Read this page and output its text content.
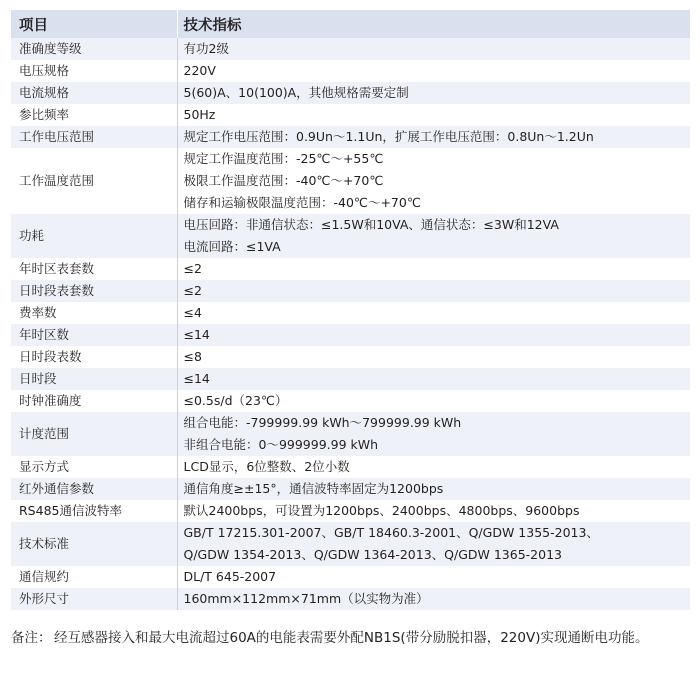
项目	技术指标
准确度等级	有功2级

电压规格	220V

电流规格	5(60)A、10(100)A，其他规格需要定制

参比频率	50Hz

工作电压范围	规定工作电压范围：0.9Un～1.1Un，扩展工作电压范围：0.8Un～1.2Un

工作温度范围	规定工作温度范围：-25℃～+55℃
极限工作温度范围：-40℃～+70℃
储存和运输极限温度范围：-40℃～+70℃

功耗	电压回路：非通信状态：≤1.5W和10VA、通信状态：≤3W和12VA
电流回路：≤1VA

年时区表套数	≤2

日时段表套数	≤2

费率数	≤4

年时区数	≤14

日时段表数	≤8

日时段	≤14

时钟准确度	≤0.5s/d（23℃）

计度范围	组合电能：-799999.99 kWh～799999.99 kWh
非组合电能：0～999999.99 kWh

显示方式	LCD显示，6位整数、2位小数

红外通信参数	通信角度≥±15°，通信波特率固定为1200bps

RS485通信波特率	默认2400bps，可设置为1200bps、2400bps、4800bps、9600bps

技术标准	GB/T 17215.301-2007、GB/T 18460.3-2001、Q/GDW 1355-2013、
Q/GDW 1354-2013、Q/GDW 1364-2013、Q/GDW 1365-2013

通信规约	DL/T 645-2007

外形尺寸	160mm×112mm×71mm（以实物为准）
备注： 经互感器接入和最大电流超过60A的电能表需要外配NB1S(带分励脱扣器，220V)实现通断电功能。
